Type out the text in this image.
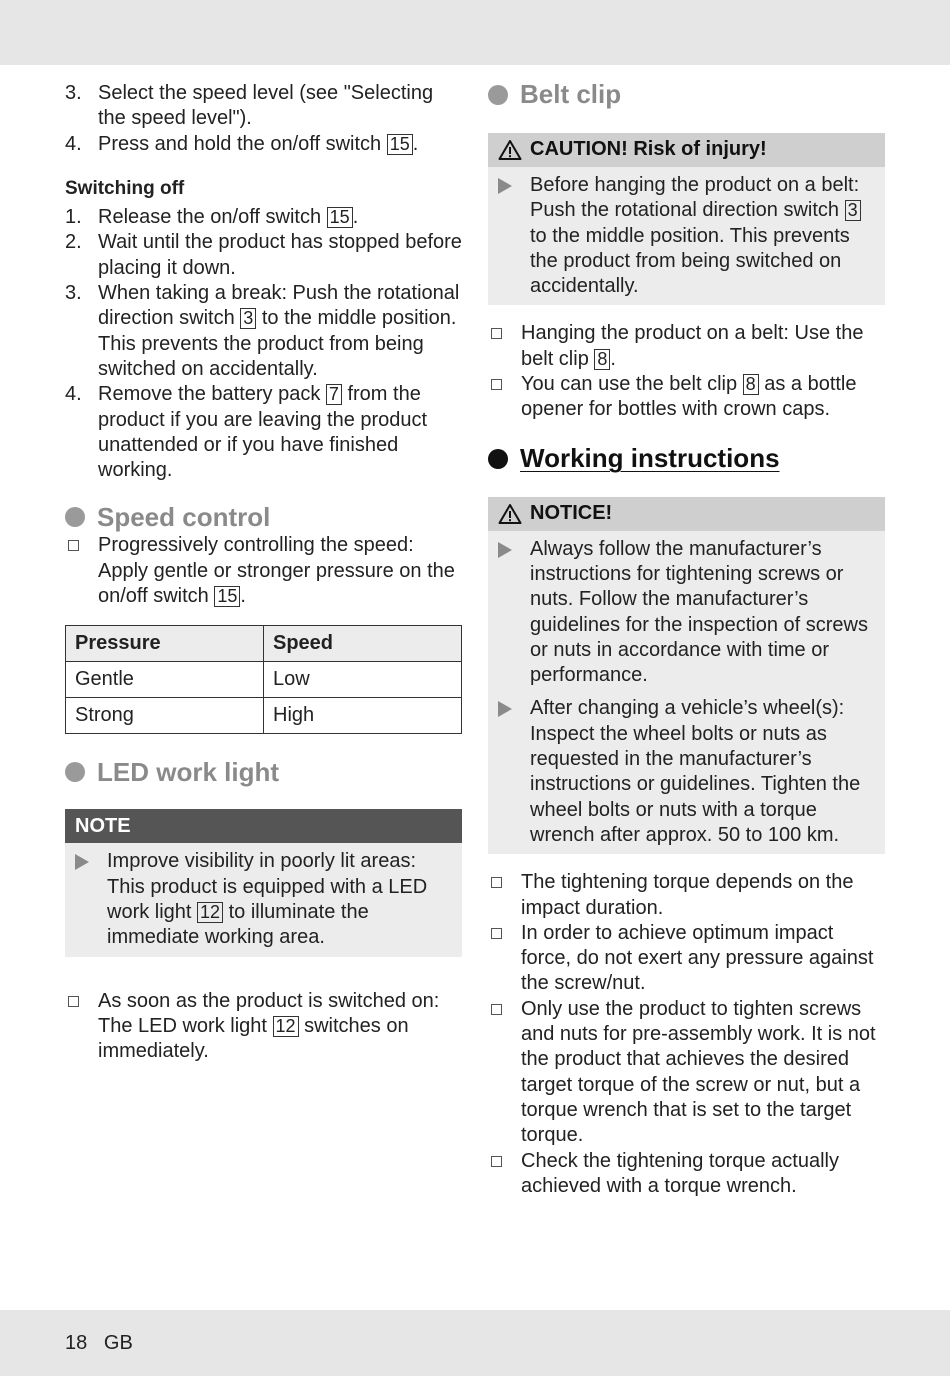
3. Select the speed level (see "Selecting the speed level").
4. Press and hold the on/off switch 15 .
Switching off
1. Release the on/off switch 15 .
2. Wait until the product has stopped before placing it down.
3. When taking a break: Push the rotational direction switch 3 to the middle position. This prevents the product from being switched on accidentally.
4. Remove the battery pack 7 from the product if you are leaving the product unattended or if you have finished working.
Speed control
Progressively controlling the speed: Apply gentle or stronger pressure on the on/off switch 15 .
Pressure	Speed
Gentle	Low
Strong	High
LED work light
NOTE
Improve visibility in poorly lit areas: This product is equipped with a LED work light 12 to illuminate the immediate working area.
As soon as the product is switched on: The LED work light 12 switches on immediately.
Belt clip
CAUTION! Risk of injury!
Before hanging the product on a belt: Push the rotational direction switch 3 to the middle position. This prevents the product from being switched on accidentally.
Hanging the product on a belt: Use the belt clip 8 .
You can use the belt clip 8 as a bottle opener for bottles with crown caps.
Working instructions
NOTICE!
Always follow the manufacturer’s instructions for tightening screws or nuts. Follow the manufacturer’s guidelines for the inspection of screws or nuts in accordance with time or performance.
After changing a vehicle’s wheel(s): Inspect the wheel bolts or nuts as requested in the manufacturer’s instructions or guidelines. Tighten the wheel bolts or nuts with a torque wrench after approx. 50 to 100 km.
The tightening torque depends on the impact duration.
In order to achieve optimum impact force, do not exert any pressure against the screw/nut.
Only use the product to tighten screws and nuts for pre-assembly work. It is not the product that achieves the desired target torque of the screw or nut, but a torque wrench that is set to the target torque.
Check the tightening torque actually achieved with a torque wrench.
18 GB
